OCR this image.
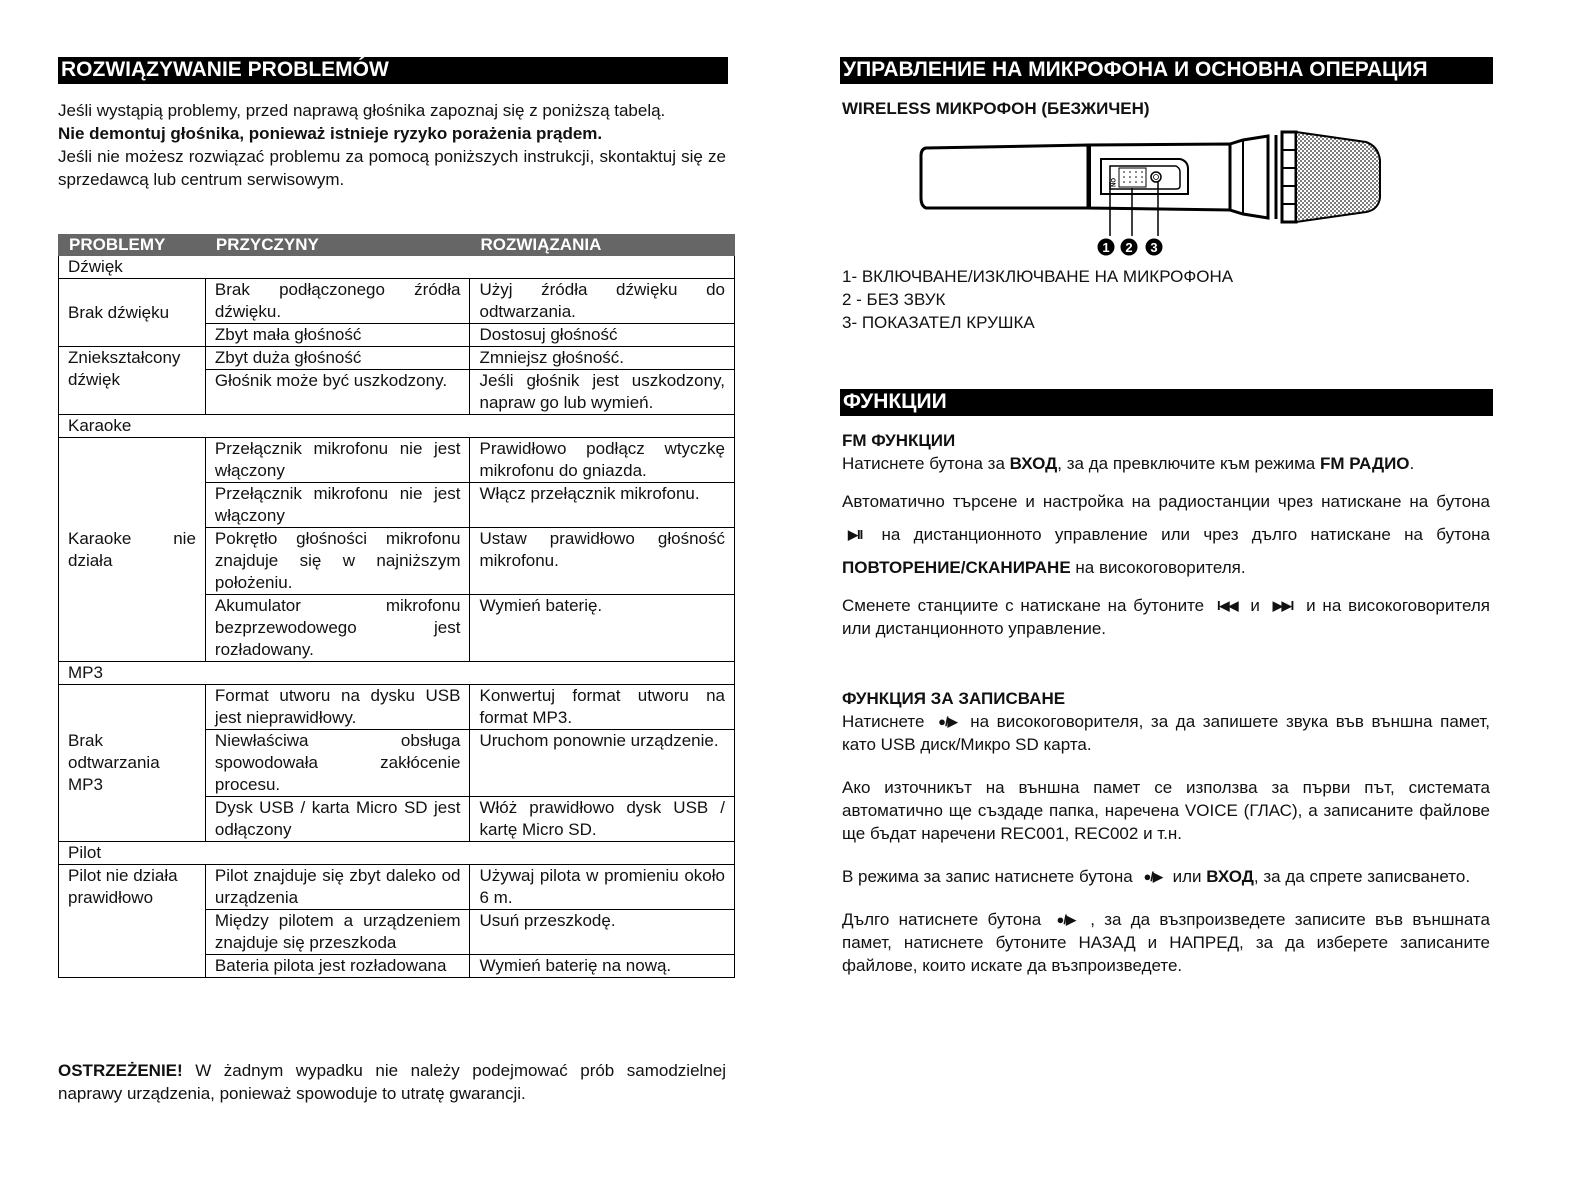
ROZWIĄZYWANIE PROBLEMÓW

Jeśli wystąpią problemy, przed naprawą głośnika zapoznaj się z poniższą tabelą.

Nie demontuj głośnika, ponieważ istnieje ryzyko porażenia prądem.

Jeśli nie możesz rozwiązać problemu za pomocą poniższych instrukcji, skontaktuj się ze sprzedawcą lub centrum serwisowym.

PROBLEMY	PRZYCZYNY	ROZWIĄZANIA
Dźwięk		
Brak dźwięku	Brak podłączonego źródła dźwięku.	Użyj źródła dźwięku do odtwarzania.
	Zbyt mała głośność	Dostosuj głośność
Zniekształcony dźwięk	Zbyt duża głośność	Zmniejsz głośność.
	Głośnik może być uszkodzony.	Jeśli głośnik jest uszkodzony, napraw go lub wymień.
Karaoke		
Karaoke nie działa	Przełącznik mikrofonu nie jest włączony	Prawidłowo podłącz wtyczkę mikrofonu do gniazda.
	Przełącznik mikrofonu nie jest włączony	Włącz przełącznik mikrofonu.
	Pokrętło głośności mikrofonu znajduje się w najniższym położeniu.	Ustaw prawidłowo głośność mikrofonu.
	Akumulator mikrofonu bezprzewodowego jest rozładowany.	Wymień baterię.
MP3		
Brak odtwarzania MP3	Format utworu na dysku USB jest nieprawidłowy.	Konwertuj format utworu na format MP3.
	Niewłaściwa obsługa spowodowała zakłócenie procesu.	Uruchom ponownie urządzenie.
	Dysk USB / karta Micro SD jest odłączony	Włóż prawidłowo dysk USB / kartę Micro SD.
Pilot		
Pilot nie działa prawidłowo	Pilot znajduje się zbyt daleko od urządzenia	Używaj pilota w promieniu około 6 m.
	Między pilotem a urządzeniem znajduje się przeszkoda	Usuń przeszkodę.
	Bateria pilota jest rozładowana	Wymień baterię na nową.

OSTRZEŻENIE! W żadnym wypadku nie należy podejmować prób samodzielnej naprawy urządzenia, ponieważ spowoduje to utratę gwarancji.

УПРАВЛЕНИЕ НА МИКРОФОНА И ОСНОВНА ОПЕРАЦИЯ
WIRELESS МИКРОФОН (БЕЗЖИЧЕН)
ON
1 2 3
1- ВКЛЮЧВАНЕ/ИЗКЛЮЧВАНЕ НА МИКРОФОНА
2 - БЕЗ ЗВУК
3- ПОКАЗАТЕЛ КРУШКА
ФУНКЦИИ
FM ФУНКЦИИ

Натиснете бутона за ВХОД, за да превключите към режима FM РАДИО.

Автоматично търсене и настройка на радиостанции чрез натискане на бутона ▶II на дистанционното управление или чрез дълго натискане на бутона ПОВТОРЕНИЕ/СКАНИРАНЕ на високоговорителя.

Сменете станциите с натискане на бутоните I◀◀ и ▶▶I и на високоговорителя или дистанционното управление.

ФУНКЦИЯ ЗА ЗАПИСВАНЕ

Натиснете ●/▶ на високоговорителя, за да запишете звука във външна памет, като USB диск/Микро SD карта.

Ако източникът на външна памет се използва за първи път, системата автоматично ще създаде папка, наречена VOICE (ГЛАС), а записаните файлове ще бъдат наречени REC001, REC002 и т.н.

В режима за запис натиснете бутона ●/▶ или ВХОД, за да спрете записването.

Дълго натиснете бутона ●/▶ , за да възпроизведете записите във външната памет, натиснете бутоните НАЗАД и НАПРЕД, за да изберете записаните файлове, които искате да възпроизведете.
